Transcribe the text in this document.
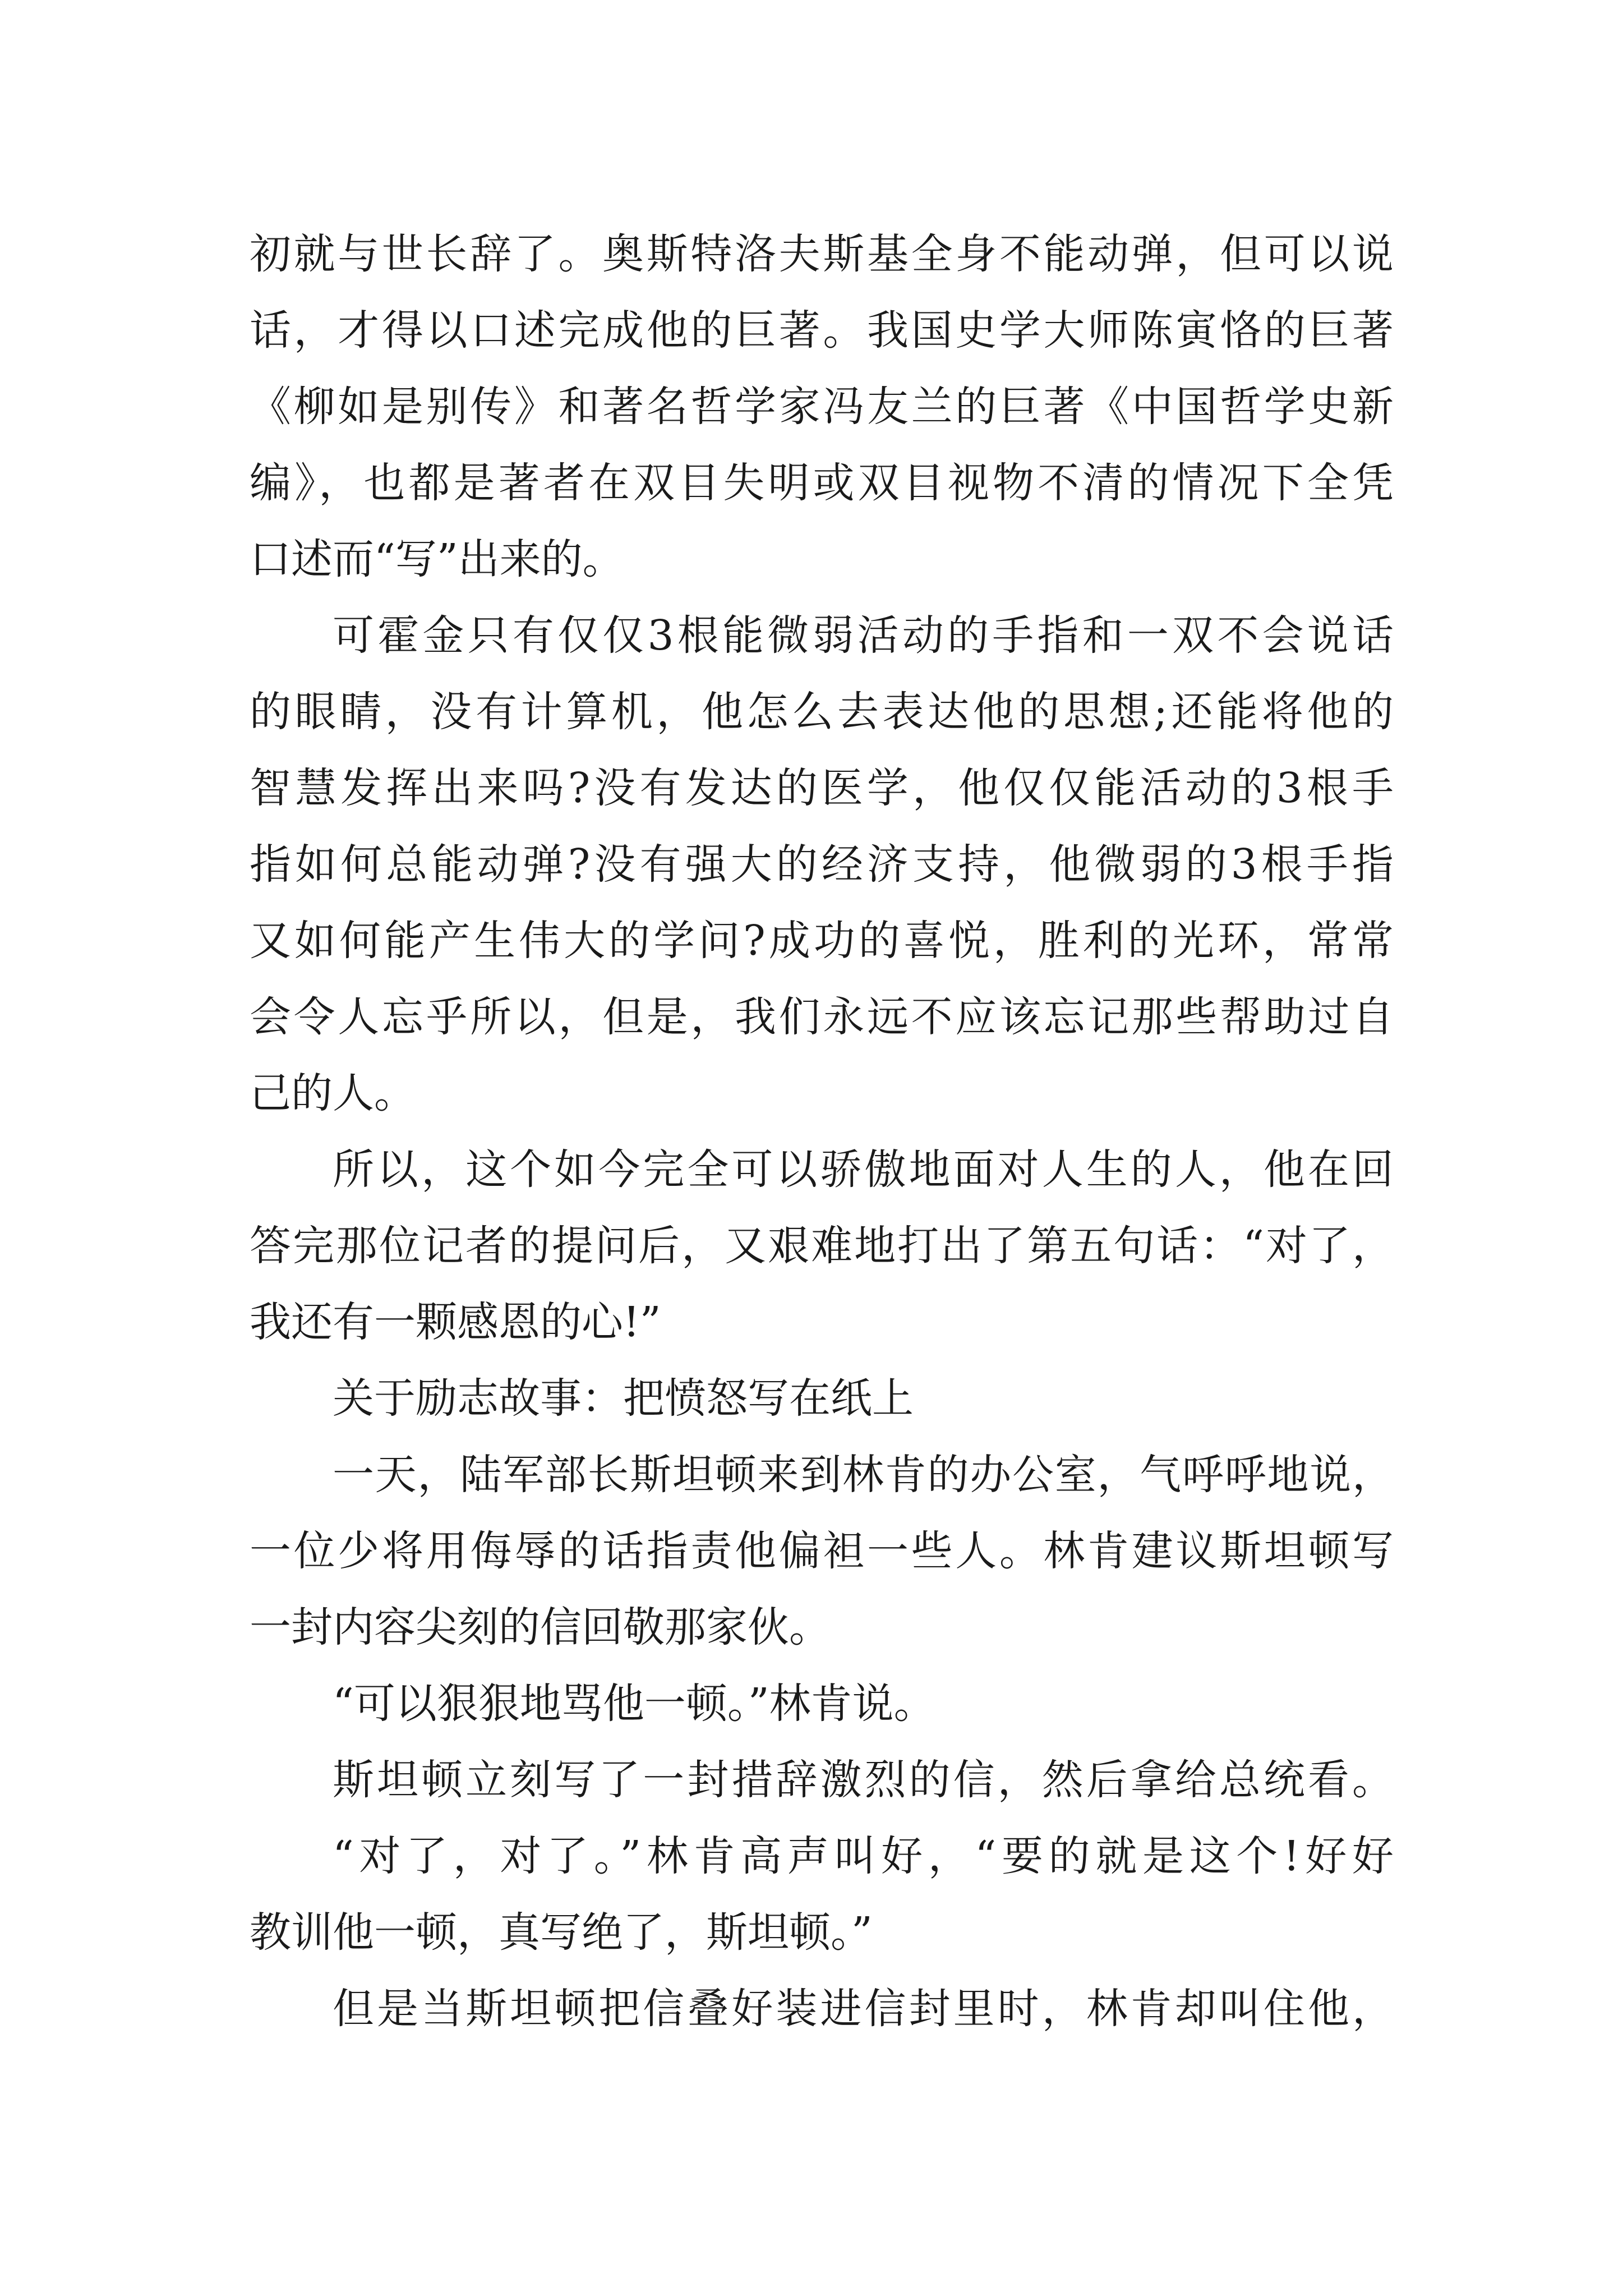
初就与世长辞了。奥斯特洛夫斯基全身不能动弹，但可以说
话，才得以口述完成他的巨著。我国史学大师陈寅恪的巨著
《柳如是别传》和著名哲学家冯友兰的巨著《中国哲学史新
编》，也都是著者在双目失明或双目视物不清的情况下全凭
口述而“写”出来的。
可霍金只有仅仅3根能微弱活动的手指和一双不会说话
的眼睛，没有计算机，他怎么去表达他的思想;还能将他的
智慧发挥出来吗?没有发达的医学，他仅仅能活动的3根手
指如何总能动弹?没有强大的经济支持，他微弱的3根手指
又如何能产生伟大的学问?成功的喜悦，胜利的光环，常常
会令人忘乎所以，但是，我们永远不应该忘记那些帮助过自
己的人。
所以，这个如今完全可以骄傲地面对人生的人，他在回
答完那位记者的提问后，又艰难地打出了第五句话：“对了，
我还有一颗感恩的心!”
关于励志故事：把愤怒写在纸上
一天，陆军部长斯坦顿来到林肯的办公室，气呼呼地说，
一位少将用侮辱的话指责他偏袒一些人。林肯建议斯坦顿写
一封内容尖刻的信回敬那家伙。
“可以狠狠地骂他一顿。”林肯说。
斯坦顿立刻写了一封措辞激烈的信，然后拿给总统看。
“对了，对了。”林肯高声叫好，“要的就是这个!好好
教训他一顿，真写绝了，斯坦顿。”
但是当斯坦顿把信叠好装进信封里时，林肯却叫住他，
